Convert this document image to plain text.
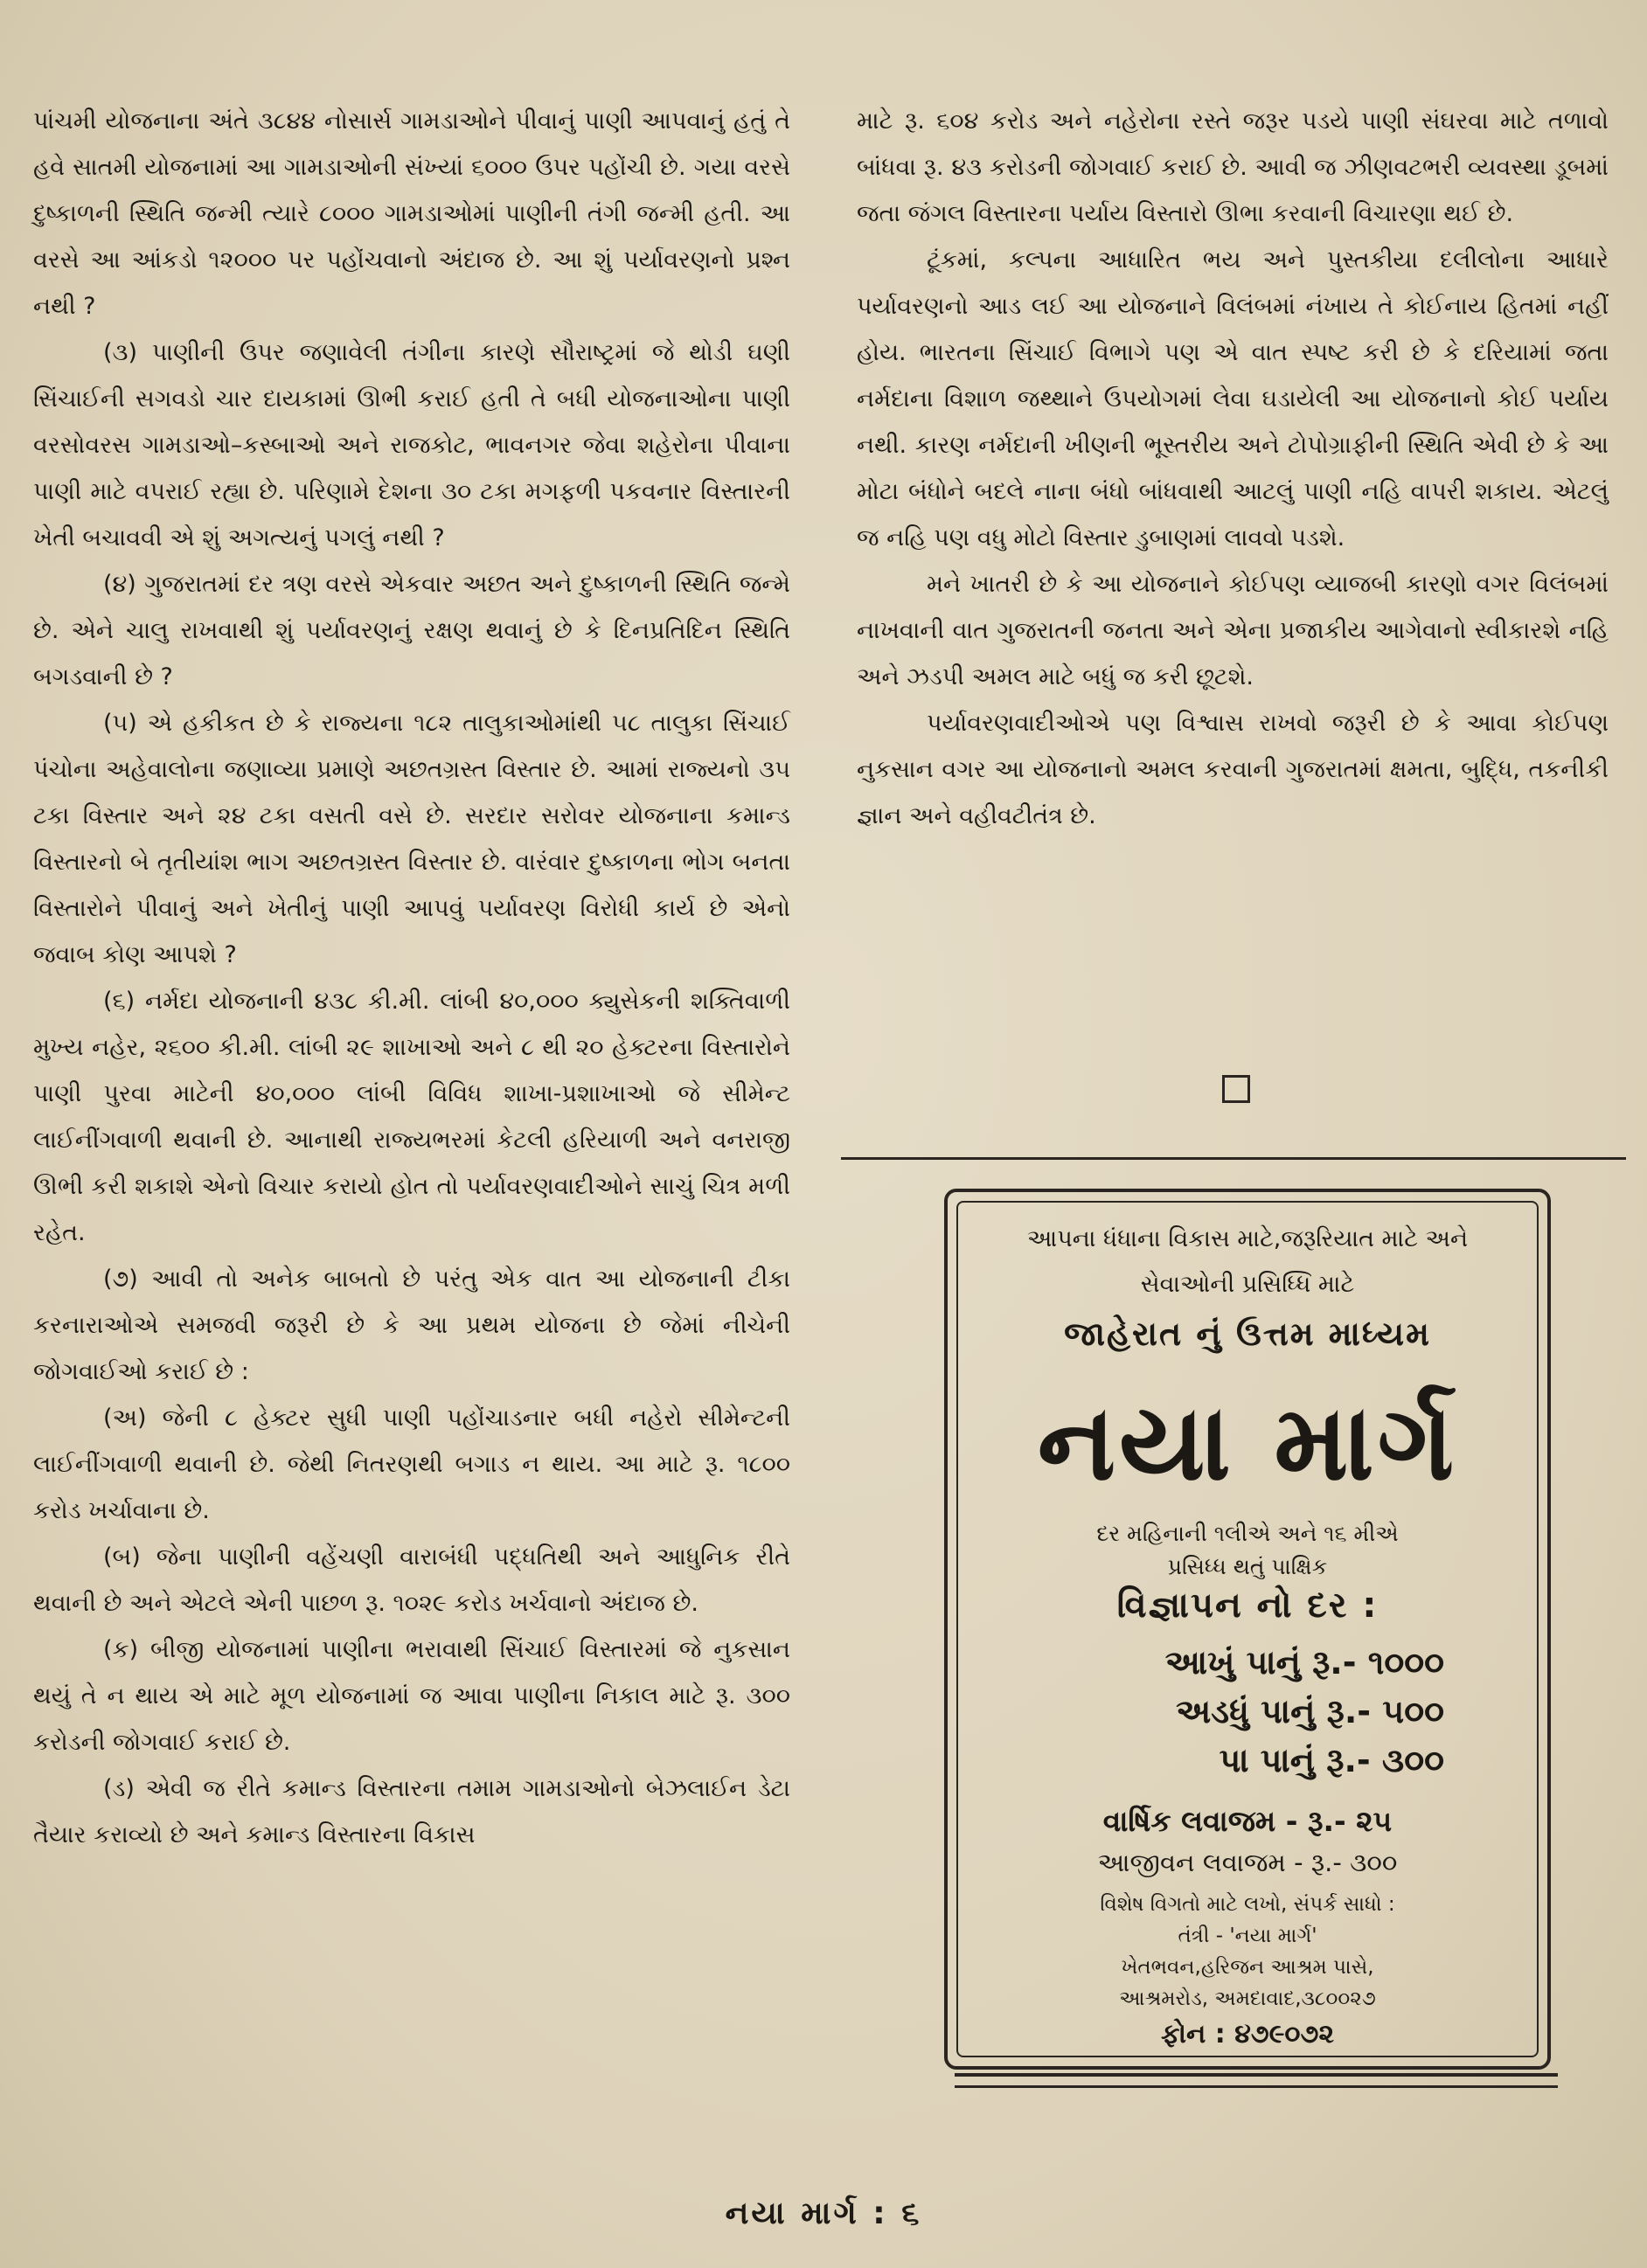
પાંચમી યોજનાના અંતે ૩૮૪૪ નોસાર્સ ગામડાઓને પીવાનું પાણી આપવાનું હતું તે હવે સાતમી યોજનામાં આ ગામડાઓની સંખ્યાં ૬૦૦૦ ઉપર પહોંચી છે. ગયા વરસે દુષ્કાળની સ્થિતિ જન્મી ત્યારે ૮૦૦૦ ગામડાઓમાં પાણીની તંગી જન્મી હતી. આ વરસે આ આંકડો ૧૨૦૦૦ પર પહોંચવાનો અંદાજ છે. આ શું પર્યાવરણનો પ્રશ્ન નથી ?

(૩) પાણીની ઉપર જણાવેલી તંગીના કારણે સૌરાષ્ટ્રમાં જે થોડી ઘણી સિંચાઈની સગવડો ચાર દાયકામાં ઊભી કરાઈ હતી તે બધી યોજનાઓના પાણી વરસોવરસ ગામડાઓ–કસ્બાઓ અને રાજકોટ, ભાવનગર જેવા શહેરોના પીવાના પાણી માટે વપરાઈ રહ્યા છે. પરિણામે દેશના ૩૦ ટકા મગફળી પકવનાર વિસ્તારની ખેતી બચાવવી એ શું અગત્યનું પગલું નથી ?

(૪) ગુજરાતમાં દર ત્રણ વરસે એકવાર અછત અને દુષ્કાળની સ્થિતિ જન્મે છે. એને ચાલુ રાખવાથી શું પર્યાવરણનું રક્ષણ થવાનું છે કે દિનપ્રતિદિન સ્થિતિ બગડવાની છે ?

(૫) એ હકીકત છે કે રાજ્યના ૧૮૨ તાલુકાઓમાંથી ૫૮ તાલુકા સિંચાઈ પંચોના અહેવાલોના જણાવ્યા પ્રમાણે અછતગ્રસ્ત વિસ્તાર છે. આમાં રાજ્યનો ૩૫ ટકા વિસ્તાર અને ૨૪ ટકા વસતી વસે છે. સરદાર સરોવર યોજનાના કમાન્ડ વિસ્તારનો બે તૃતીયાંશ ભાગ અછતગ્રસ્ત વિસ્તાર છે. વારંવાર દુષ્કાળના ભોગ બનતા વિસ્તારોને પીવાનું અને ખેતીનું પાણી આપવું પર્યાવરણ વિરોધી કાર્ય છે એનો જવાબ કોણ આપશે ?

(૬) નર્મદા યોજનાની ૪૩૮ કી.મી. લાંબી ૪૦,૦૦૦ ક્યુસેકની શક્તિવાળી મુખ્ય નહેર, ૨૬૦૦ કી.મી. લાંબી ૨૯ શાખાઓ અને ૮ થી ૨૦ હેક્ટરના વિસ્તારોને પાણી પુરવા માટેની ૪૦,૦૦૦ લાંબી વિવિધ શાખા-પ્રશાખાઓ જે સીમેન્ટ લાઈનીંગવાળી થવાની છે. આનાથી રાજ્યભરમાં કેટલી હરિયાળી અને વનરાજી ઊભી કરી શકાશે એનો વિચાર કરાયો હોત તો પર્યાવરણવાદીઓને સાચું ચિત્ર મળી રહેત.

(૭) આવી તો અનેક બાબતો છે પરંતુ એક વાત આ યોજનાની ટીકા કરનારાઓએ સમજવી જરૂરી છે કે આ પ્રથમ યોજના છે જેમાં નીચેની જોગવાઈઓ કરાઈ છે :

(અ) જેની ૮ હેક્ટર સુધી પાણી પહોંચાડનાર બધી નહેરો સીમેન્ટની લાઈનીંગવાળી થવાની છે. જેથી નિતરણથી બગાડ ન થાય. આ માટે રૂ. ૧૮૦૦ કરોડ ખર્ચાવાના છે.

(બ) જેના પાણીની વહેંચણી વારાબંધી પદ્ધતિથી અને આધુનિક રીતે થવાની છે અને એટલે એની પાછળ રૂ. ૧૦૨૯ કરોડ ખર્ચવાનો અંદાજ છે.

(ક) બીજી યોજનામાં પાણીના ભરાવાથી સિંચાઈ વિસ્તારમાં જે નુકસાન થયું તે ન થાય એ માટે મૂળ યોજનામાં જ આવા પાણીના નિકાલ માટે રૂ. ૩૦૦ કરોડની જોગવાઈ કરાઈ છે.

(ડ) એવી જ રીતે કમાન્ડ વિસ્તારના તમામ ગામડાઓનો બેઝલાઈન ડેટા તૈયાર કરાવ્યો છે અને કમાન્ડ વિસ્તારના વિકાસ

માટે રૂ. ૬૦૪ કરોડ અને નહેરોના રસ્તે જરૂર પડયે પાણી સંઘરવા માટે તળાવો બાંધવા રૂ. ૪૩ કરોડની જોગવાઈ કરાઈ છે. આવી જ ઝીણવટભરી વ્યવસ્થા ડૂબમાં જતા જંગલ વિસ્તારના પર્યાય વિસ્તારો ઊભા કરવાની વિચારણા થઈ છે.

ટૂંકમાં, કલ્પના આધારિત ભય અને પુસ્તકીયા દલીલોના આધારે પર્યાવરણનો આડ લઈ આ યોજનાને વિલંબમાં નંખાય તે કોઈનાય હિતમાં નહીં હોય. ભારતના સિંચાઈ વિભાગે પણ એ વાત સ્પષ્ટ કરી છે કે દરિયામાં જતા નર્મદાના વિશાળ જથ્થાને ઉપયોગમાં લેવા ઘડાયેલી આ યોજનાનો કોઈ પર્યાય નથી. કારણ નર્મદાની ખીણની ભૂસ્તરીય અને ટોપોગ્રાફીની સ્થિતિ એવી છે કે આ મોટા બંધોને બદલે નાના બંધો બાંધવાથી આટલું પાણી નહિ વાપરી શકાય. એટલું જ નહિ પણ વધુ મોટો વિસ્તાર ડુબાણમાં લાવવો પડશે.

મને ખાતરી છે કે આ યોજનાને કોઈપણ વ્યાજબી કારણો વગર વિલંબમાં નાખવાની વાત ગુજરાતની જનતા અને એના પ્રજાકીય આગેવાનો સ્વીકારશે નહિ અને ઝડપી અમલ માટે બધું જ કરી છૂટશે.

પર્યાવરણવાદીઓએ પણ વિશ્વાસ રાખવો જરૂરી છે કે આવા કોઈપણ નુકસાન વગર આ યોજનાનો અમલ કરવાની ગુજરાતમાં ક્ષમતા, બુદ્ધિ, તકનીકી જ્ઞાન અને વહીવટીતંત્ર છે.

આપના ધંધાના વિકાસ માટે,જરૂરિયાત માટે અને
સેવાઓની પ્રસિધ્ધિ માટે
જાહેરાત નું ઉત્તમ માધ્યમ
નયા માર્ગ
દર મહિનાની ૧લીએ અને ૧૬ મીએ
પ્રસિધ્ધ થતું પાક્ષિક
વિજ્ઞાપન નો દર :
આખું પાનું રૂ.- ૧૦૦૦
અડધું પાનું રૂ.- ૫૦૦
પા પાનું રૂ.- ૩૦૦
વાર્ષિક લવાજમ - રૂ.- ૨૫
આજીવન લવાજમ - રૂ.- ૩૦૦
વિશેષ વિગતો માટે લખો, સંપર્ક સાધો :
તંત્રી - 'નયા માર્ગ'
ખેતભવન,હરિજન આશ્રમ પાસે,
આશ્રમરોડ, અમદાવાદ,૩૮૦૦૨૭
ફોન : ૪૭૯૦૭૨
નયા માર્ગ : ૬
